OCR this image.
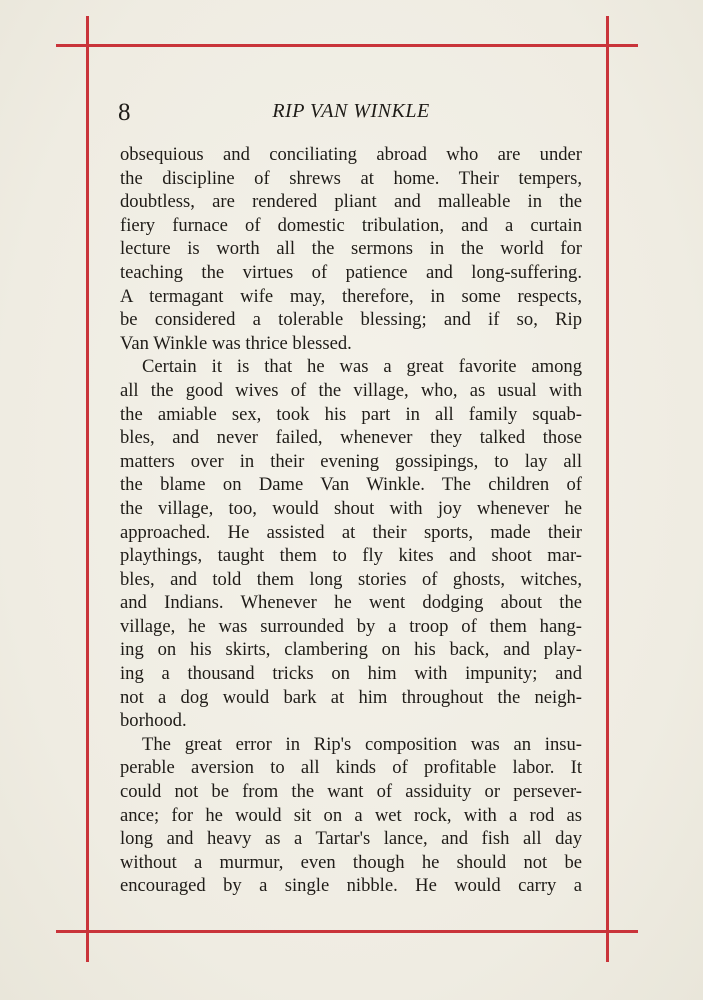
8	RIP VAN WINKLE
obsequious and conciliating abroad who are under
the discipline of shrews at home. Their tempers,
doubtless, are rendered pliant and malleable in the
fiery furnace of domestic tribulation, and a curtain
lecture is worth all the sermons in the world for
teaching the virtues of patience and long-suffering.
A termagant wife may, therefore, in some respects,
be considered a tolerable blessing; and if so, Rip
Van Winkle was thrice blessed.
Certain it is that he was a great favorite among
all the good wives of the village, who, as usual with
the amiable sex, took his part in all family squab-
bles, and never failed, whenever they talked those
matters over in their evening gossipings, to lay all
the blame on Dame Van Winkle. The children of
the village, too, would shout with joy whenever he
approached. He assisted at their sports, made their
playthings, taught them to fly kites and shoot mar-
bles, and told them long stories of ghosts, witches,
and Indians. Whenever he went dodging about the
village, he was surrounded by a troop of them hang-
ing on his skirts, clambering on his back, and play-
ing a thousand tricks on him with impunity; and
not a dog would bark at him throughout the neigh-
borhood.
The great error in Rip's composition was an insu-
perable aversion to all kinds of profitable labor. It
could not be from the want of assiduity or persever-
ance; for he would sit on a wet rock, with a rod as
long and heavy as a Tartar's lance, and fish all day
without a murmur, even though he should not be
encouraged by a single nibble. He would carry a
